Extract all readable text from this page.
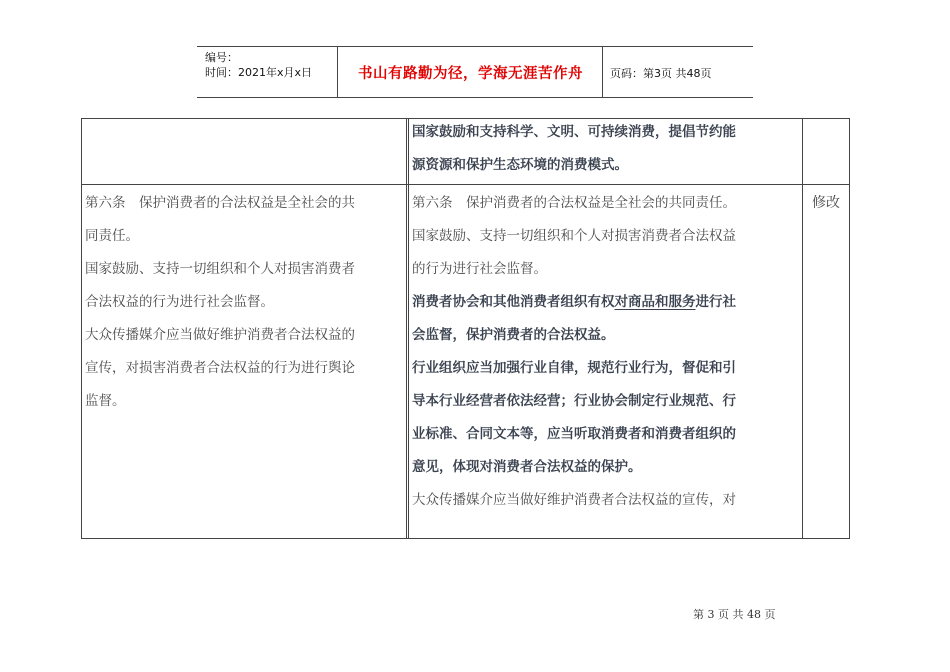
编号：
时间：2021年x月x日	书山有路勤为径，学海无涯苦作舟	页码：第3页 共48页

国家鼓励和支持科学、文明、可持续消费，提倡节约能

源资源和保护生态环境的消费模式。

第六条　保护消费者的合法权益是全社会的共

同责任。

国家鼓励、支持一切组织和个人对损害消费者

合法权益的行为进行社会监督。

大众传播媒介应当做好维护消费者合法权益的

宣传，对损害消费者合法权益的行为进行舆论

监督。

第六条　保护消费者的合法权益是全社会的共同责任。

国家鼓励、支持一切组织和个人对损害消费者合法权益

的行为进行社会监督。

消费者协会和其他消费者组织有权对商品和服务进行社

会监督，保护消费者的合法权益。

行业组织应当加强行业自律，规范行业行为，督促和引

导本行业经营者依法经营；行业协会制定行业规范、行

业标准、合同文本等，应当听取消费者和消费者组织的

意见，体现对消费者合法权益的保护。

大众传播媒介应当做好维护消费者合法权益的宣传，对

修改
第 3 页 共 48 页
